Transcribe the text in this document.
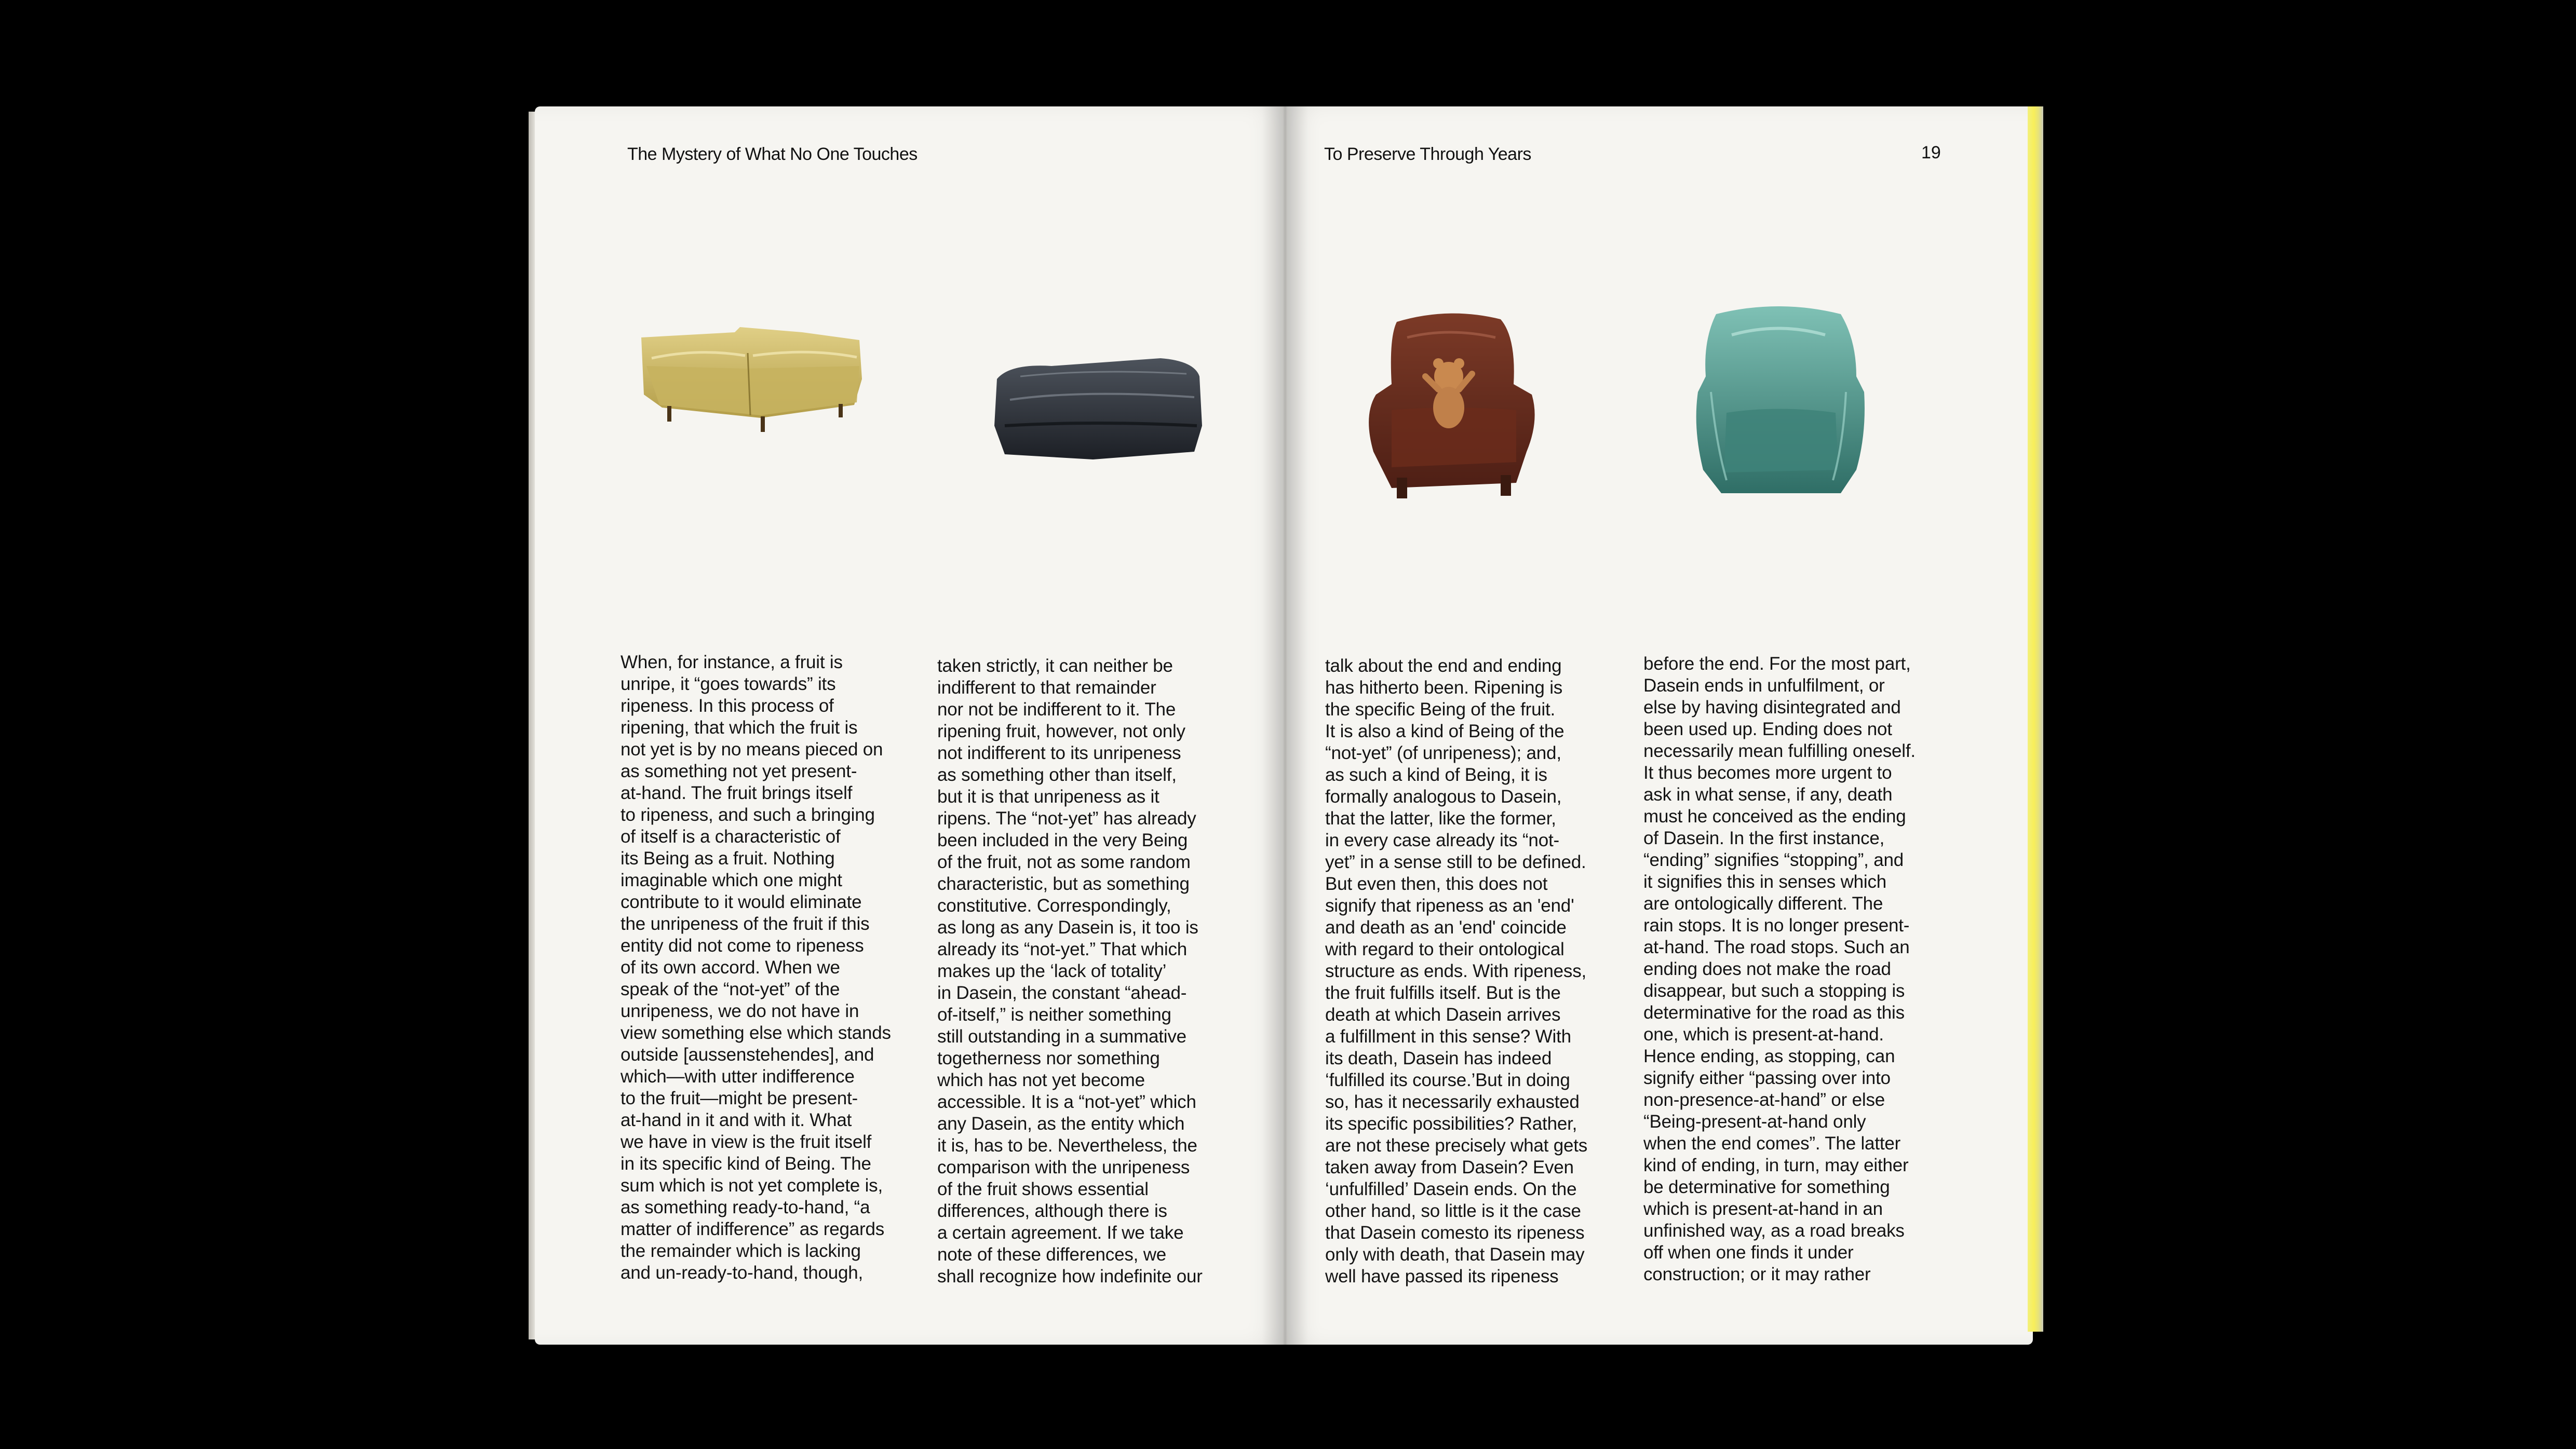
The Mystery of What No One Touches	To Preserve Through Years	19
When, for instance, a fruit is
unripe, it “goes towards” its
ripeness. In this process of
ripening, that which the fruit is
not yet is by no means pieced on
as something not yet present-
at-hand. The fruit brings itself
to ripeness, and such a bringing
of itself is a characteristic of
its Being as a fruit. Nothing
imaginable which one might
contribute to it would eliminate
the unripeness of the fruit if this
entity did not come to ripeness
of its own accord. When we
speak of the “not-yet” of the
unripeness, we do not have in
view something else which stands
outside [aussenstehendes], and
which—with utter indifference
to the fruit—might be present-
at-hand in it and with it. What
we have in view is the fruit itself
in its specific kind of Being. The
sum which is not yet complete is,
as something ready-to-hand, “a
matter of indifference” as regards
the remainder which is lacking
and un-ready-to-hand, though,
taken strictly, it can neither be
indifferent to that remainder
nor not be indifferent to it. The
ripening fruit, however, not only
not indifferent to its unripeness
as something other than itself,
but it is that unripeness as it
ripens. The “not-yet” has already
been included in the very Being
of the fruit, not as some random
characteristic, but as something
constitutive. Correspondingly,
as long as any Dasein is, it too is
already its “not-yet.” That which
makes up the ‘lack of totality’
in Dasein, the constant “ahead-
of-itself,” is neither something
still outstanding in a summative
togetherness nor something
which has not yet become
accessible. It is a “not-yet” which
any Dasein, as the entity which
it is, has to be. Nevertheless, the
comparison with the unripeness
of the fruit shows essential
differences, although there is
a certain agreement. If we take
note of these differences, we
shall recognize how indefinite our
talk about the end and ending
has hitherto been. Ripening is
the specific Being of the fruit.
It is also a kind of Being of the
“not-yet” (of unripeness); and,
as such a kind of Being, it is
formally analogous to Dasein,
that the latter, like the former,
in every case already its “not-
yet” in a sense still to be defined.
But even then, this does not
signify that ripeness as an 'end'
and death as an 'end' coincide
with regard to their ontological
structure as ends. With ripeness,
the fruit fulfills itself. But is the
death at which Dasein arrives
a fulfillment in this sense? With
its death, Dasein has indeed
‘fulfilled its course.’But in doing
so, has it necessarily exhausted
its specific possibilities? Rather,
are not these precisely what gets
taken away from Dasein? Even
‘unfulfilled’ Dasein ends. On the
other hand, so little is it the case
that Dasein comesto its ripeness
only with death, that Dasein may
well have passed its ripeness
before the end. For the most part,
Dasein ends in unfulfilment, or
else by having disintegrated and
been used up. Ending does not
necessarily mean fulfilling oneself.
It thus becomes more urgent to
ask in what sense, if any, death
must he conceived as the ending
of Dasein. In the first instance,
“ending” signifies “stopping”, and
it signifies this in senses which
are ontologically different. The
rain stops. It is no longer present-
at-hand. The road stops. Such an
ending does not make the road
disappear, but such a stopping is
determinative for the road as this
one, which is present-at-hand.
Hence ending, as stopping, can
signify either “passing over into
non-presence-at-hand” or else
“Being-present-at-hand only
when the end comes”. The latter
kind of ending, in turn, may either
be determinative for something
which is present-at-hand in an
unfinished way, as a road breaks
off when one finds it under
construction; or it may rather
